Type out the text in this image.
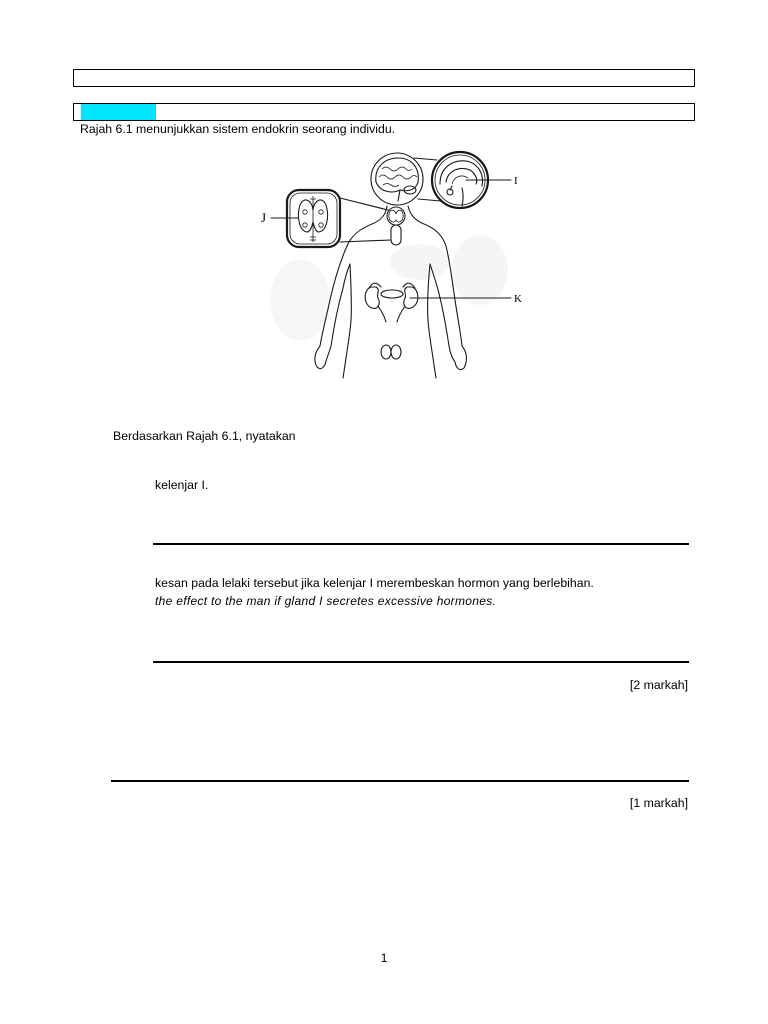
Rajah 6.1 menunjukkan sistem endokrin seorang individu.
I
J
K
Berdasarkan Rajah 6.1, nyatakan
kelenjar I.
kesan pada lelaki tersebut jika kelenjar I merembeskan hormon yang berlebihan.
the effect to the man if gland I secretes excessive hormones.
[2 markah]
[1 markah]
1
